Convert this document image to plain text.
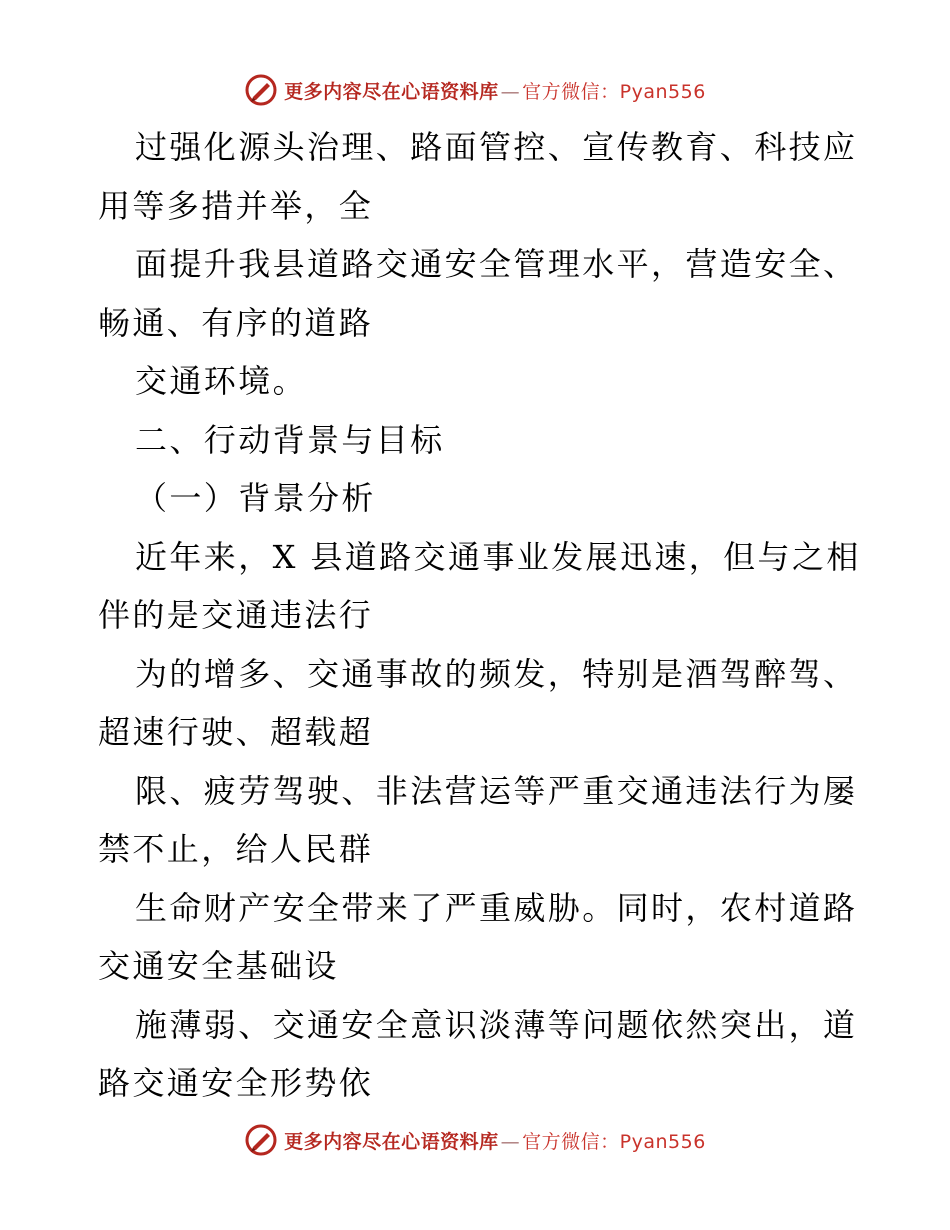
更多内容尽在心语资料库 — 官方微信：Pyan556
过强化源头治理、路面管控、宣传教育、科技应
用等多措并举，全
面提升我县道路交通安全管理水平，营造安全、
畅通、有序的道路
交通环境。
二、行动背景与目标
（一）背景分析
近年来，X 县道路交通事业发展迅速，但与之相
伴的是交通违法行
为的增多、交通事故的频发，特别是酒驾醉驾、
超速行驶、超载超
限、疲劳驾驶、非法营运等严重交通违法行为屡
禁不止，给人民群
生命财产安全带来了严重威胁。同时，农村道路
交通安全基础设
施薄弱、交通安全意识淡薄等问题依然突出，道
路交通安全形势依
更多内容尽在心语资料库 — 官方微信：Pyan556
